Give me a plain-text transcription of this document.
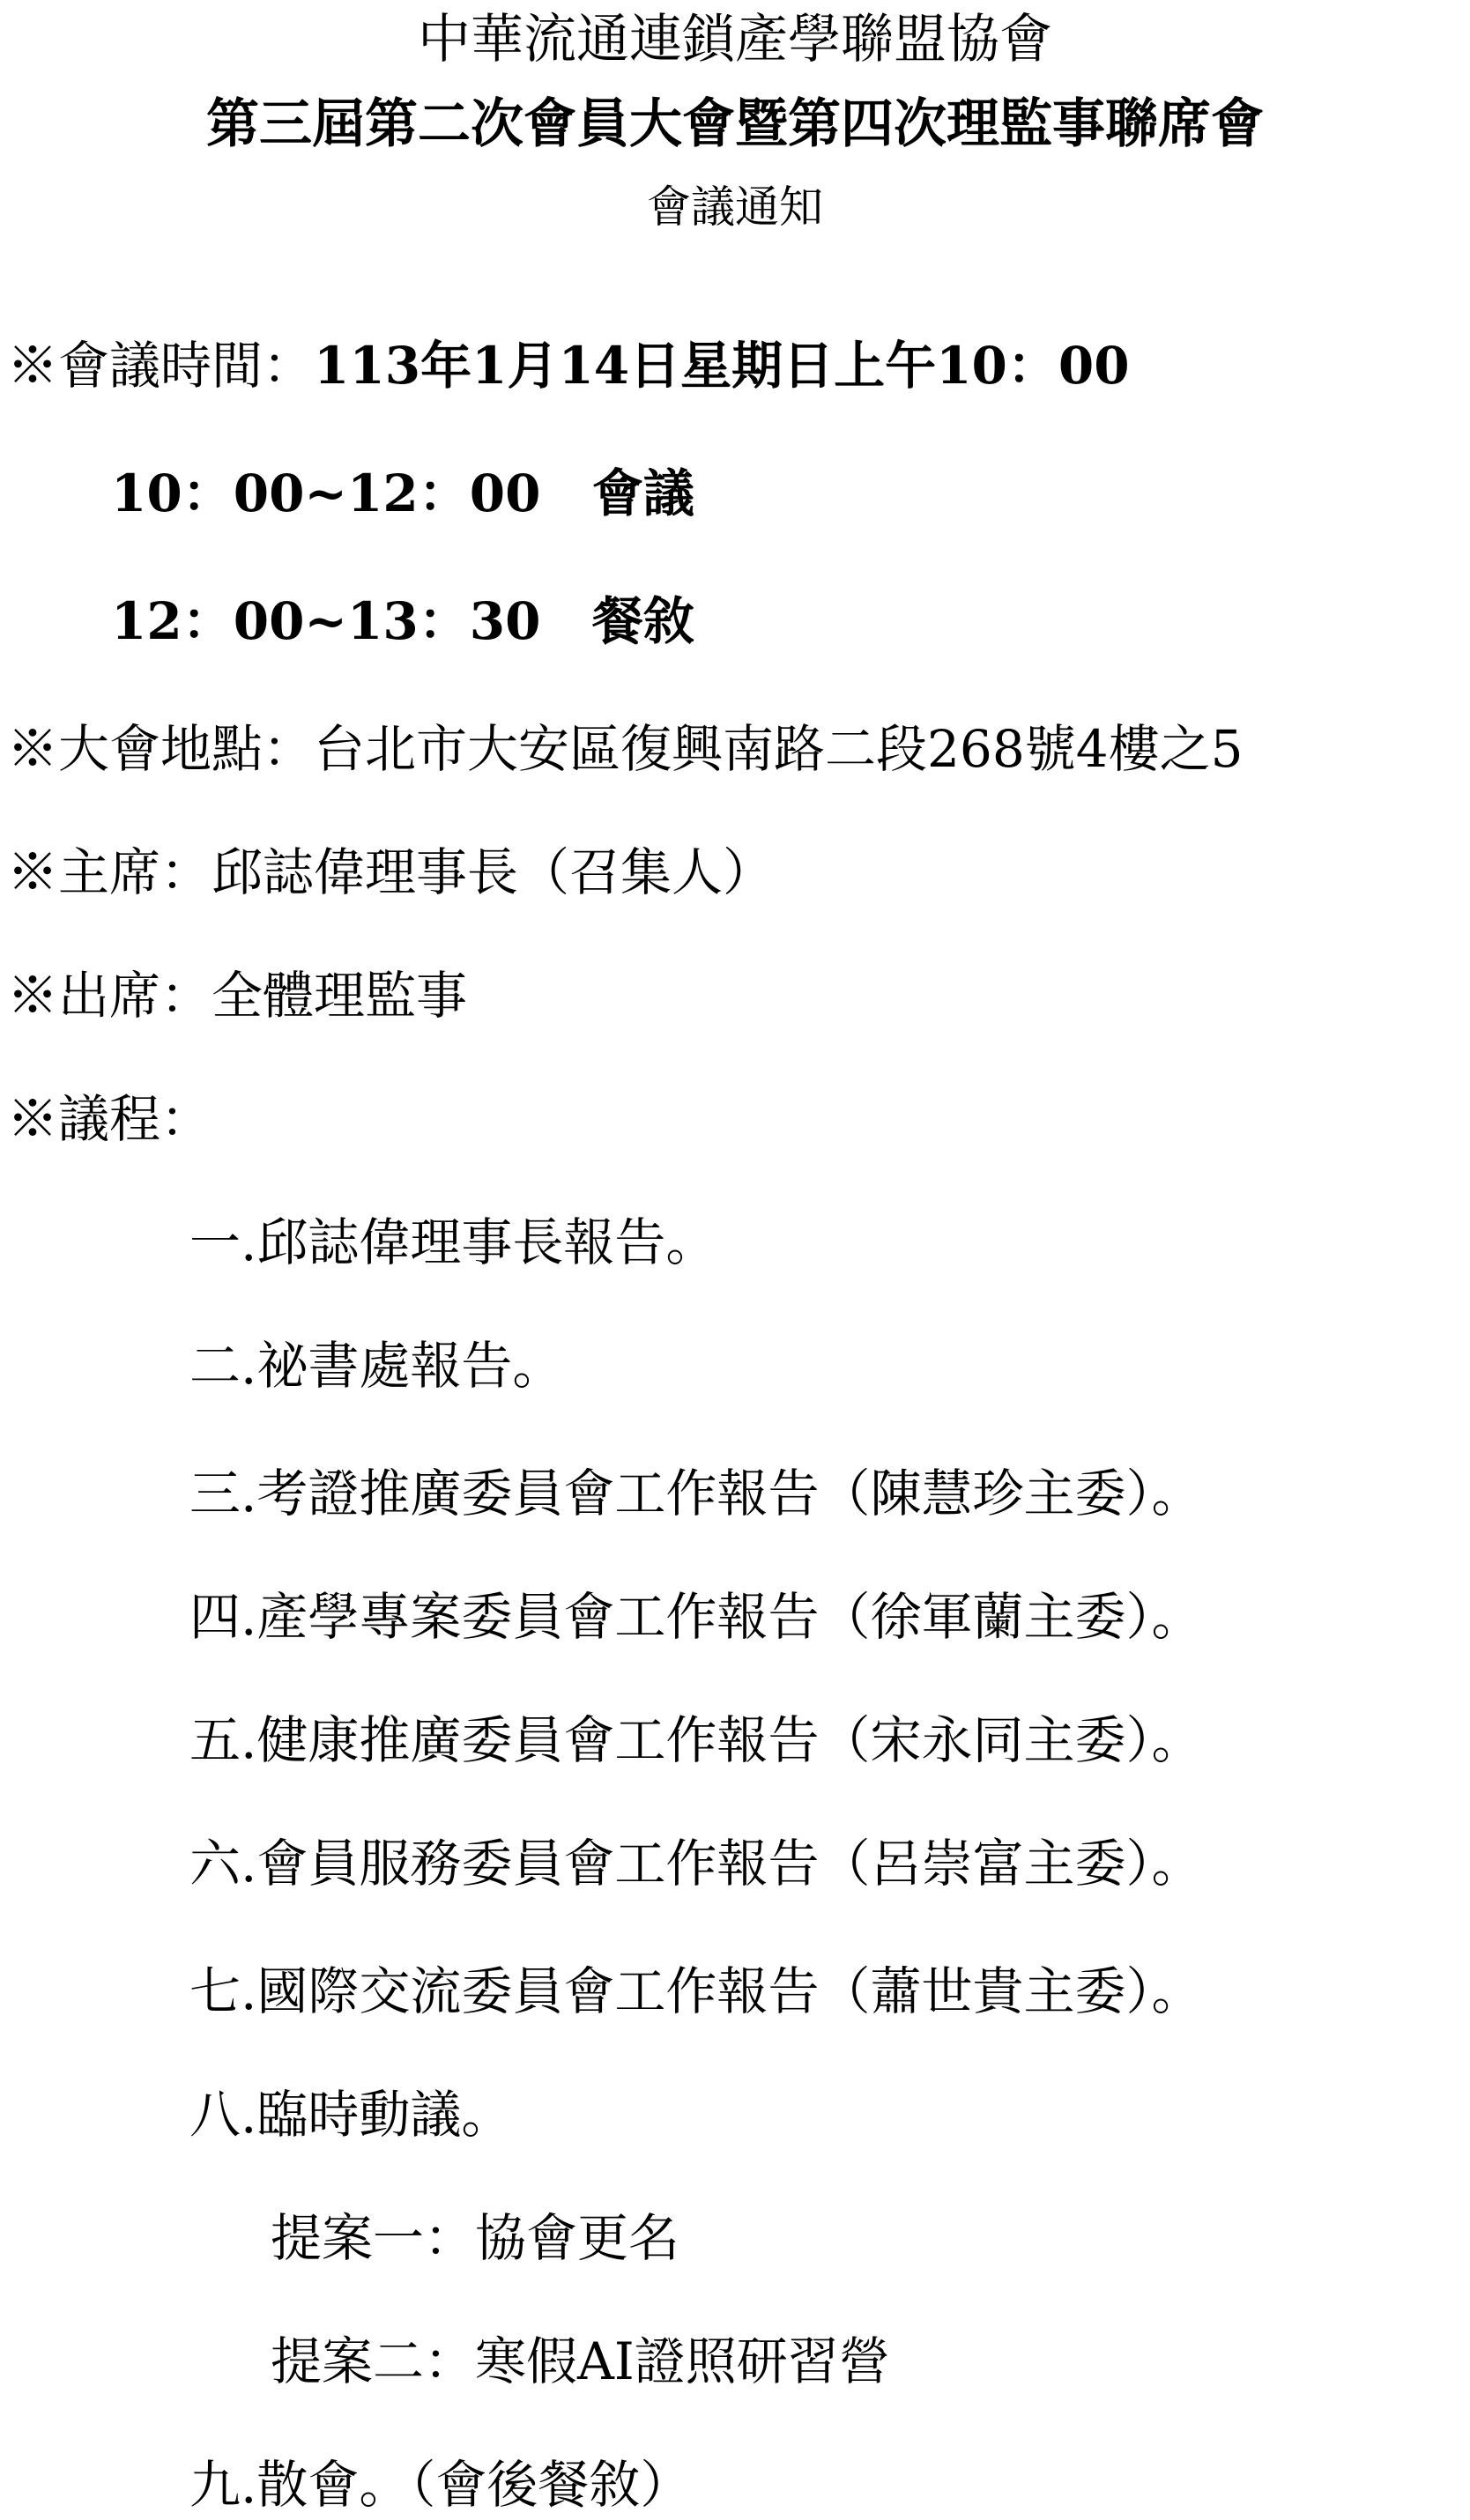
中華流通連鎖產學聯盟協會
第三屆第二次會員大會暨第四次理監事聯席會
會議通知
※會議時間：113年1月14日星期日上午10：00
10：00~12：00 會議
12：00~13：30 餐敘
※大會地點：台北市大安區復興南路二段268號4樓之5
※主席：邱誌偉理事長（召集人）
※出席：全體理監事
※議程：
一.邱誌偉理事長報告。
二.祕書處報告。
三.考證推廣委員會工作報告（陳慧珍主委）。
四.產學專案委員會工作報告（徐軍蘭主委）。
五.健康推廣委員會工作報告（宋永同主委）。
六.會員服務委員會工作報告（呂崇富主委）。
七.國際交流委員會工作報告（蕭世貴主委）。
八.臨時動議。
提案一：協會更名
提案二：寒假AI證照研習營
九.散會。（會後餐敘）
